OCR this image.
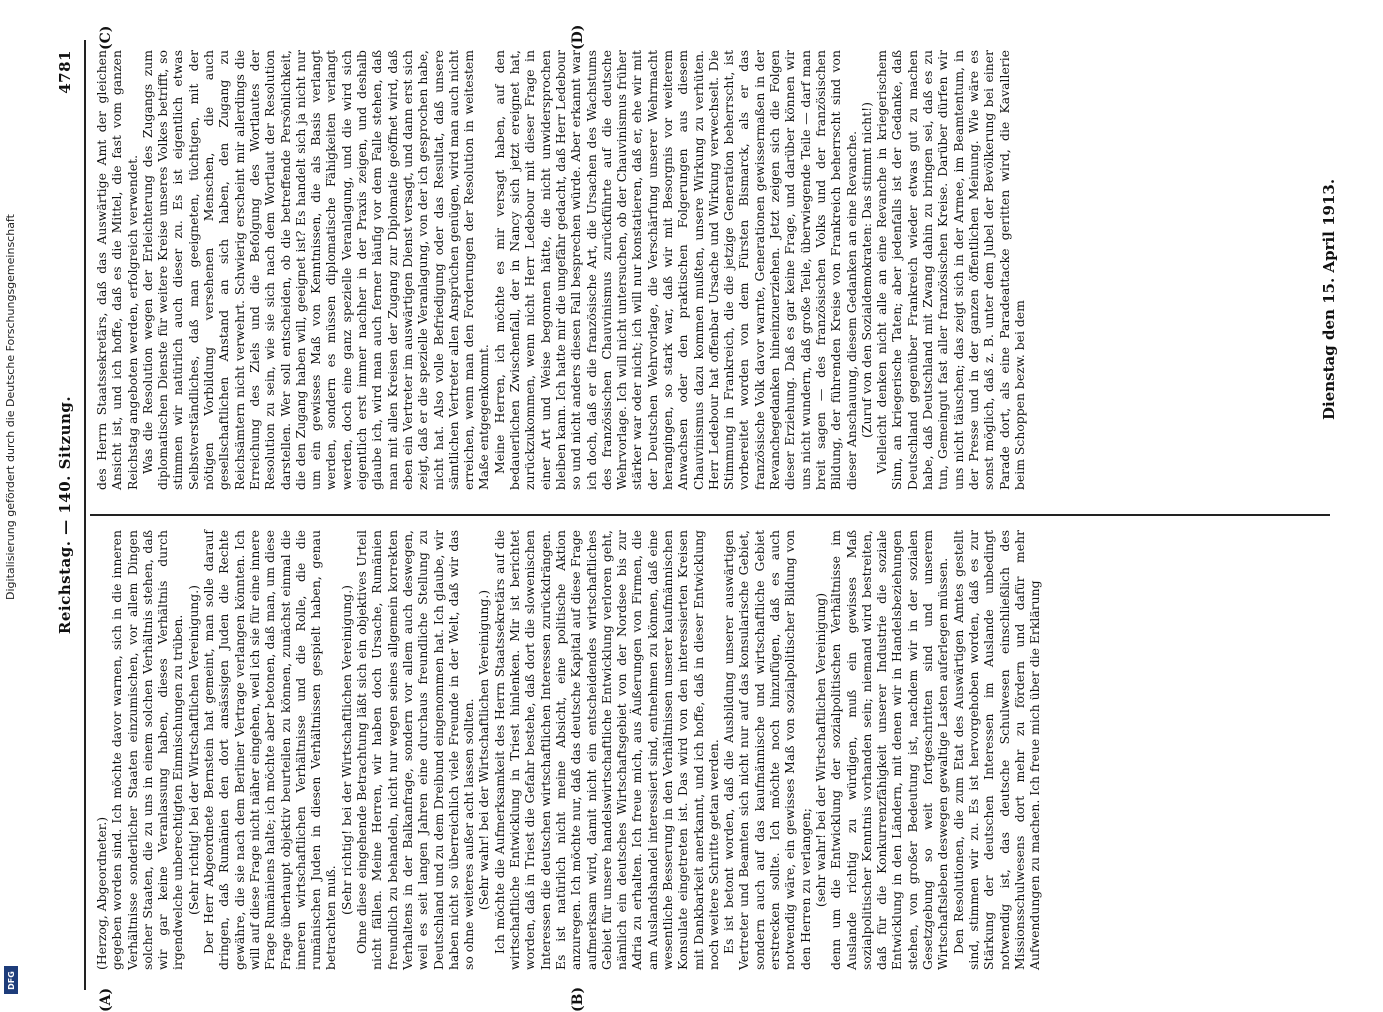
Reichstag. — 140. Sitzung.
4781

(Herzog, Abgeordneter.) gegeben worden sind. Ich möchte davor warnen, sich in die inneren Verhältnisse sonderlicher Staaten einzumischen, vor allem Dingen solcher Staaten, die zu uns in einem solchen Verhältnis stehen, daß wir gar keine Veranlassung haben, dieses Verhältnis durch irgendwelche unberechtigten Einmischungen zu trüben. (Sehr richtig! bei der Wirtschaftlichen Vereinigung.) Der Herr Abgeordnete Bernstein hat gemeint, man solle darauf dringen, daß Rumänien den dort ansässigen Juden die Rechte gewähre, die sie nach dem Berliner Vertrage verlangen könnten. Ich will auf diese Frage nicht näher eingehen, weil ich sie für eine innere Frage Rumäniens halte; ich möchte aber betonen, daß man, um diese Frage überhaupt objektiv beurteilen zu können, zunächst einmal die inneren wirtschaftlichen Verhältnisse und die Rolle, die die rumänischen Juden in diesen Verhältnissen gespielt haben, genau betrachten muß.

(Sehr richtig! bei der Wirtschaftlichen Vereinigung.) Ohne diese eingehende Betrachtung läßt sich ein objektives Urteil nicht fällen. Meine Herren, wir haben doch Ursache, Rumänien freundlich zu behandeln, nicht nur wegen seines allgemein korrekten Verhaltens in der Balkanfrage, sondern vor allem auch deswegen, weil es seit langen Jahren eine durchaus freundliche Stellung zu Deutschland und zu dem Dreibund eingenommen hat. Ich glaube, wir haben nicht so überreichlich viele Freunde in der Welt, daß wir das so ohne weiteres außer acht lassen sollten. (Sehr wahr! bei der Wirtschaftlichen Vereinigung.) Ich möchte die Aufmerksamkeit des Herrn Staatssekretärs auf die wirtschaftliche Entwicklung in Triest hinlenken. Mir ist berichtet worden, daß in Triest die Gefahr bestehe, daß dort die slowenischen Interessen die deutschen wirtschaftlichen Interessen zurückdrängen. Es ist natürlich nicht meine Absicht, eine politische Aktion anzuregen. Ich möchte nur, daß das deutsche Kapital auf diese Frage aufmerksam wird, damit nicht ein entscheidendes wirtschaftliches Gebiet für unsere handelswirtschaftliche Entwicklung verloren geht, nämlich ein deutsches Wirtschaftsgebiet von der Nordsee bis zur Adria zu erhalten. Ich freue mich, aus Äußerungen von Firmen, die am Auslandshandel interessiert sind, entnehmen zu können, daß eine wesentliche Besserung in den Verhältnissen unserer kaufmännischen Konsulate eingetreten ist. Das wird von den interessierten Kreisen mit Dankbarkeit anerkannt, und ich hoffe, daß in dieser Entwicklung noch weitere Schritte getan werden. Es ist betont worden, daß die Ausbildung unserer auswärtigen Vertreter und Beamten sich nicht nur auf das konsularische Gebiet, sondern auch auf das kaufmännische und wirtschaftliche Gebiet erstrecken sollte. Ich möchte noch hinzufügen, daß es auch notwendig wäre, ein gewisses Maß von sozialpolitischer Bildung von den Herren zu verlangen; (sehr wahr! bei der Wirtschaftlichen Vereinigung) denn um die Entwicklung der sozialpolitischen Verhältnisse im Auslande richtig zu würdigen, muß ein gewisses Maß sozialpolitischer Kenntnis vorhanden sein; niemand wird bestreiten, daß für die Konkurrenzfähigkeit unserer Industrie die soziale Entwicklung in den Ländern, mit denen wir in Handelsbeziehungen stehen, von großer Bedeutung ist, nachdem wir in der sozialen Gesetzgebung so weit fortgeschritten sind und unserem Wirtschaftsleben deswegen gewaltige Lasten auferlegen müssen. Den Resolutionen, die zum Etat des Auswärtigen Amtes gestellt sind, stimmen wir zu. Es ist hervorgehoben worden, daß es zur Stärkung der deutschen Interessen im Auslande unbedingt notwendig ist, das deutsche Schulwesen einschließlich des Missionsschulwesens dort mehr zu fördern und dafür mehr Aufwendungen zu machen. Ich freue mich über die Erklärung

des Herrn Staatssekretärs, daß das Auswärtige Amt der gleichen Ansicht ist, und ich hoffe, daß es die Mittel, die fast vom ganzen Reichstag angeboten werden, erfolgreich verwendet. Was die Resolution wegen der Erleichterung des Zugangs zum diplomatischen Dienste für weitere Kreise unseres Volkes betrifft, so stimmen wir natürlich auch dieser zu. Es ist eigentlich etwas Selbstverständliches, daß man geeigneten, tüchtigen, mit der nötigen Vorbildung versehenen Menschen, die auch gesellschaftlichen Anstand an sich haben, den Zugang zu Reichsämtern nicht verwehrt. Schwierig erscheint mir allerdings die Erreichung des Ziels und die Befolgung des Wortlautes der Resolution zu sein, wie sie sich nach dem Wortlaut der Resolution darstellen. Wer soll entscheiden, ob die betreffende Persönlichkeit, die den Zugang haben will, geeignet ist? Es handelt sich ja nicht nur um ein gewisses Maß von Kenntnissen, die als Basis verlangt werden, sondern es müssen diplomatische Fähigkeiten verlangt werden, doch eine ganz spezielle Veranlagung, und die wird sich eigentlich erst immer nachher in der Praxis zeigen, und deshalb glaube ich, wird man auch ferner häufig vor dem Falle stehen, daß man mit allen Kreisen der Zugang zur Diplomatie geöffnet wird, daß eben ein Vertreter im auswärtigen Dienst versagt, und dann erst sich zeigt, daß er die spezielle Veranlagung, von der ich gesprochen habe, nicht hat. Also volle Befriedigung oder das Resultat, daß unsere sämtlichen Vertreter allen Ansprüchen genügen, wird man auch nicht erreichen, wenn man den Forderungen der Resolution in weitestem Maße entgegenkommt. Meine Herren, ich möchte es mir versagt haben, auf den bedauerlichen Zwischenfall, der in Nancy sich jetzt ereignet hat, zurückzukommen, wenn nicht Herr Ledebour mit dieser Frage in einer Art und Weise begonnen hätte, die nicht unwidersprochen bleiben kann. Ich hatte mir die ungefähr gedacht, daß Herr Ledebour so und nicht anders diesen Fall besprechen würde. Aber erkannt war ich doch, daß er die französische Art, die Ursachen des Wachstums des französischen Chauvinismus zurückführte auf die deutsche Wehrvorlage. Ich will nicht untersuchen, ob der Chauvinismus früher stärker war oder nicht; ich will nur konstatieren, daß er, ehe wir mit der Deutschen Wehrvorlage, die Verschärfung unserer Wehrmacht herangingen, so stark war, daß wir mit Besorgnis vor weiterem Anwachsen oder den praktischen Folgerungen aus diesem Chauvinismus dazu kommen mußten, unsere Wirkung zu verhüten. Herr Ledebour hat offenbar Ursache und Wirkung verwechselt. Die Stimmung in Frankreich, die die jetzige Generation beherrscht, ist vorbereitet worden von dem Fürsten Bismarck, als er das französische Volk davor warnte, Generationen gewissermaßen in der Revanchegedanken hineinzuerziehen. Jetzt zeigen sich die Folgen dieser Erziehung. Daß es gar keine Frage, und darüber können wir uns nicht wundern, daß große Teile, überwiegende Teile — darf man breit sagen — des französischen Volks und der französischen Bildung, der führenden Kreise von Frankreich beherrscht sind von dieser Anschauung, diesem Gedanken an eine Revanche. (Zuruf von den Sozialdemokraten: Das stimmt nicht!) Vielleicht denken nicht alle an eine Revanche in kriegerischem Sinn, an kriegerische Taten; aber jedenfalls ist der Gedanke, daß Deutschland gegenüber Frankreich wieder etwas gut zu machen habe, daß Deutschland mit Zwang dahin zu bringen sei, daß es zu tun, Gemeingut fast aller französischen Kreise. Darüber dürfen wir uns nicht täuschen; das zeigt sich in der Armee, im Beamtentum, in der Presse und in der ganzen öffentlichen Meinung. Wie wäre es sonst möglich, daß z. B. unter dem Jubel der Bevölkerung bei einer Parade dort, als eine Paradeattacke geritten wird, die Kavallerie beim Schoppen bezw. bei dem

(A)	(B)
(C)	(D)
Digitalisierung gefördert durch die Deutsche Forschungsgemeinschaft
DFG
Dienstag den 15. April 1913.
